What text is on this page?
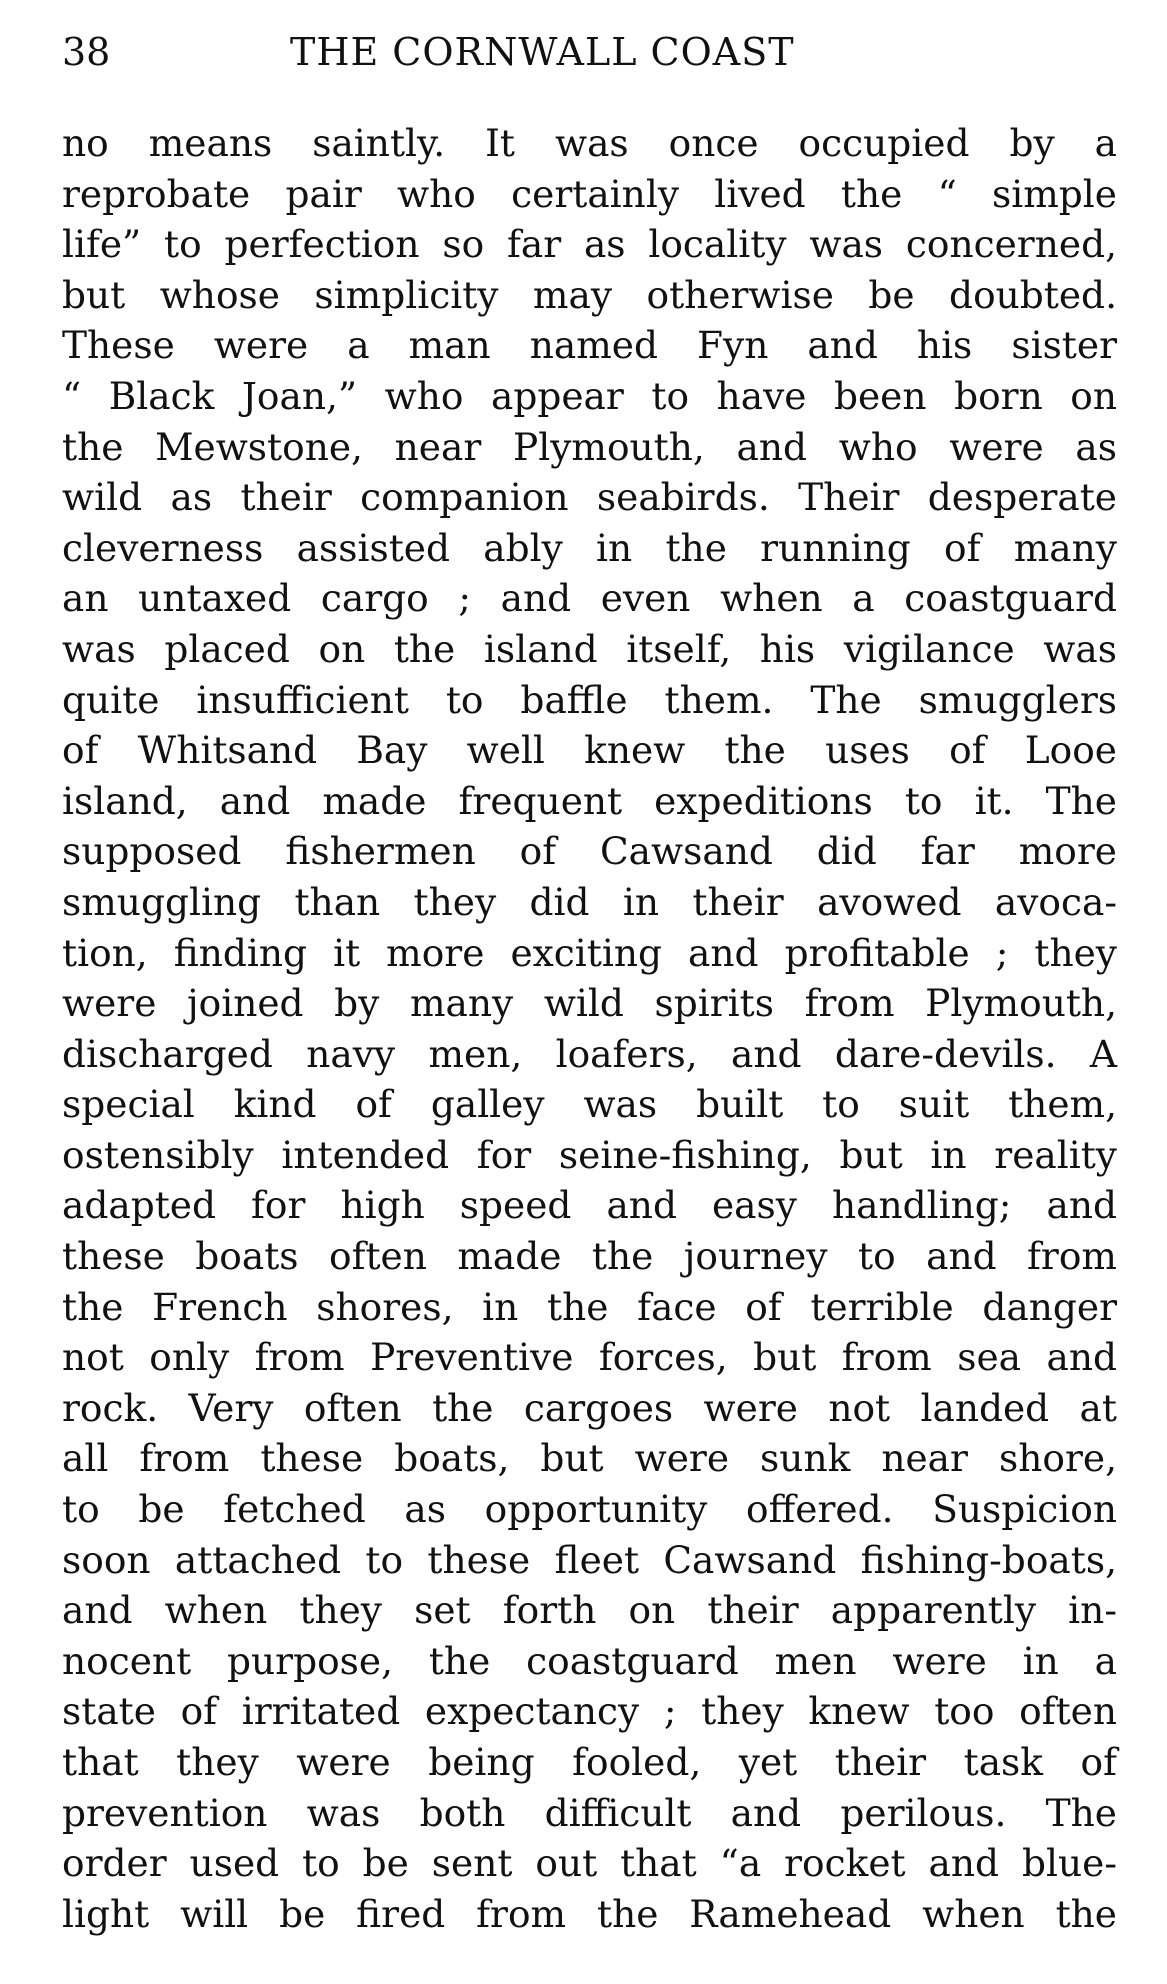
38	THE CORNWALL COAST
no means saintly. It was once occupied by a
reprobate pair who certainly lived the “ simple
life” to perfection so far as locality was concerned,
but whose simplicity may otherwise be doubted.
These were a man named Fyn and his sister
“ Black Joan,” who appear to have been born on
the Mewstone, near Plymouth, and who were as
wild as their companion seabirds. Their desperate
cleverness assisted ably in the running of many
an untaxed cargo ; and even when a coastguard
was placed on the island itself, his vigilance was
quite insufficient to baffle them. The smugglers
of Whitsand Bay well knew the uses of Looe
island, and made frequent expeditions to it. The
supposed fishermen of Cawsand did far more
smuggling than they did in their avowed avoca-
tion, finding it more exciting and profitable ; they
were joined by many wild spirits from Plymouth,
discharged navy men, loafers, and dare-devils. A
special kind of galley was built to suit them,
ostensibly intended for seine-fishing, but in reality
adapted for high speed and easy handling; and
these boats often made the journey to and from
the French shores, in the face of terrible danger
not only from Preventive forces, but from sea and
rock. Very often the cargoes were not landed at
all from these boats, but were sunk near shore,
to be fetched as opportunity offered. Suspicion
soon attached to these fleet Cawsand fishing-boats,
and when they set forth on their apparently in-
nocent purpose, the coastguard men were in a
state of irritated expectancy ; they knew too often
that they were being fooled, yet their task of
prevention was both difficult and perilous. The
order used to be sent out that “a rocket and blue-
light will be fired from the Ramehead when the
